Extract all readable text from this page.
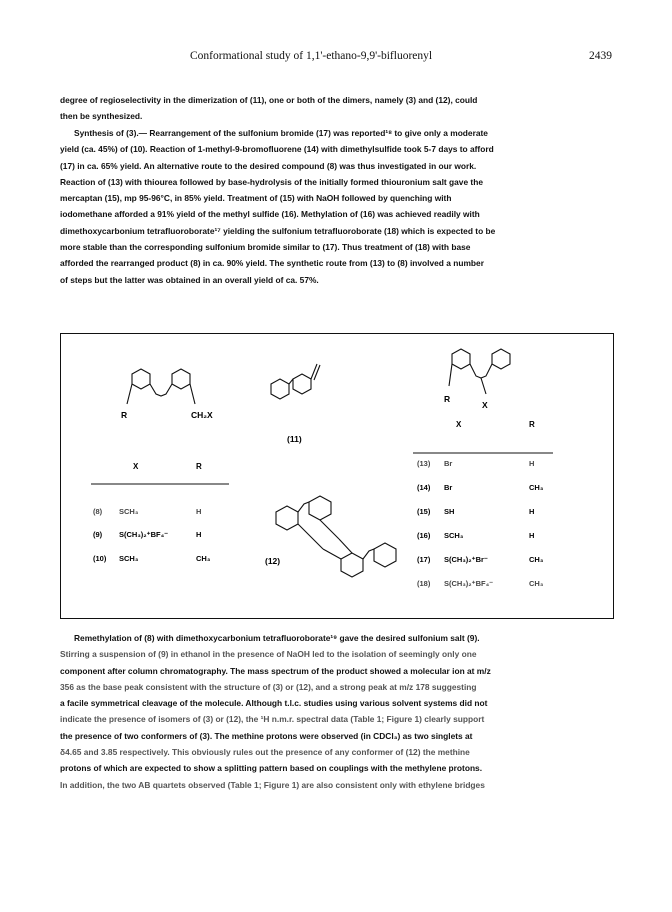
Conformational study of 1,1'-ethano-9,9'-bifluorenyl	2439
degree of regioselectivity in the dimerization of (11), one or both of the dimers, namely (3) and (12), could
then be synthesized.
Synthesis of (3).— Rearrangement of the sulfonium bromide (17) was reported¹⁸ to give only a moderate
yield (ca. 45%) of (10). Reaction of 1-methyl-9-bromofluorene (14) with dimethylsulfide took 5-7 days to afford
(17) in ca. 65% yield. An alternative route to the desired compound (8) was thus investigated in our work.
Reaction of (13) with thiourea followed by base-hydrolysis of the initially formed thiouronium salt gave the
mercaptan (15), mp 95-96°C, in 85% yield. Treatment of (15) with NaOH followed by quenching with
iodomethane afforded a 91% yield of the methyl sulfide (16). Methylation of (16) was achieved readily with
dimethoxycarbonium tetrafluoroborate¹⁷ yielding the sulfonium tetrafluoroborate (18) which is expected to be
more stable than the corresponding sulfonium bromide similar to (17). Thus treatment of (18) with base
afforded the rearranged product (8) in ca. 90% yield. The synthetic route from (13) to (8) involved a number
of steps but the latter was obtained in an overall yield of ca. 57%.
R	CH₂X
(11)
R
X
(12)
X	R
(8) SCH₃	H
(9) S(CH₃)₂⁺BF₄⁻	H
(10) SCH₃	CH₃
X	R
(13) Br	H
(14) Br	CH₃
(15) SH	H
(16) SCH₃	H
(17) S(CH₃)₂⁺Br⁻	CH₃
(18) S(CH₃)₂⁺BF₄⁻	CH₃
Remethylation of (8) with dimethoxycarbonium tetrafluoroborate¹⁹ gave the desired sulfonium salt (9).
Stirring a suspension of (9) in ethanol in the presence of NaOH led to the isolation of seemingly only one
component after column chromatography. The mass spectrum of the product showed a molecular ion at m/z
356 as the base peak consistent with the structure of (3) or (12), and a strong peak at m/z 178 suggesting
a facile symmetrical cleavage of the molecule. Although t.l.c. studies using various solvent systems did not
indicate the presence of isomers of (3) or (12), the ¹H n.m.r. spectral data (Table 1; Figure 1) clearly support
the presence of two conformers of (3). The methine protons were observed (in CDCl₃) as two singlets at
δ4.65 and 3.85 respectively. This obviously rules out the presence of any conformer of (12) the methine
protons of which are expected to show a splitting pattern based on couplings with the methylene protons.
In addition, the two AB quartets observed (Table 1; Figure 1) are also consistent only with ethylene bridges
